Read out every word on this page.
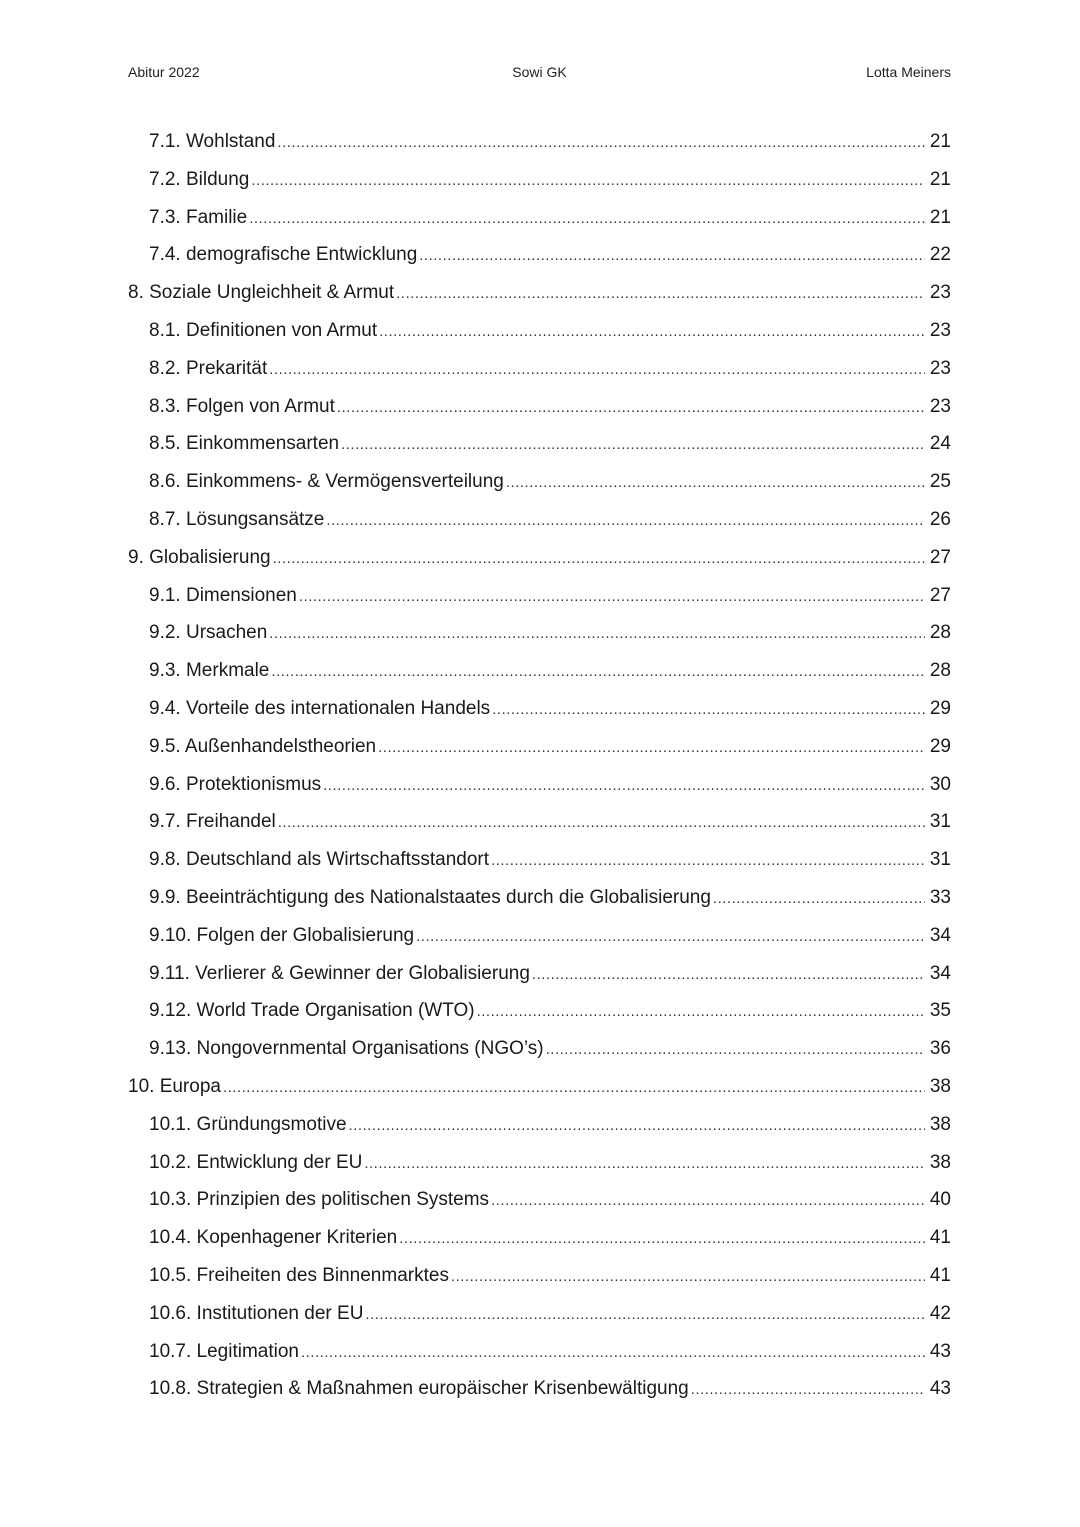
Abitur 2022	Sowi GK	Lotta Meiners
7.1. Wohlstand .....	21
7.2. Bildung .....	21
7.3. Familie .....	21
7.4. demografische Entwicklung .....	22
8. Soziale Ungleichheit & Armut .....	23
8.1. Definitionen von Armut .....	23
8.2. Prekarität .....	23
8.3. Folgen von Armut .....	23
8.5. Einkommensarten .....	24
8.6. Einkommens- & Vermögensverteilung .....	25
8.7. Lösungsansätze .....	26
9. Globalisierung .....	27
9.1. Dimensionen .....	27
9.2. Ursachen .....	28
9.3. Merkmale .....	28
9.4. Vorteile des internationalen Handels .....	29
9.5. Außenhandelstheorien .....	29
9.6. Protektionismus .....	30
9.7. Freihandel .....	31
9.8. Deutschland als Wirtschaftsstandort .....	31
9.9. Beeinträchtigung des Nationalstaates durch die Globalisierung .....	33
9.10. Folgen der Globalisierung .....	34
9.11. Verlierer & Gewinner der Globalisierung .....	34
9.12. World Trade Organisation (WTO) .....	35
9.13. Nongovernmental Organisations (NGO’s) .....	36
10. Europa .....	38
10.1. Gründungsmotive .....	38
10.2. Entwicklung der EU .....	38
10.3. Prinzipien des politischen Systems .....	40
10.4. Kopenhagener Kriterien .....	41
10.5. Freiheiten des Binnenmarktes .....	41
10.6. Institutionen der EU .....	42
10.7. Legitimation .....	43
10.8. Strategien & Maßnahmen europäischer Krisenbewältigung .....	43
